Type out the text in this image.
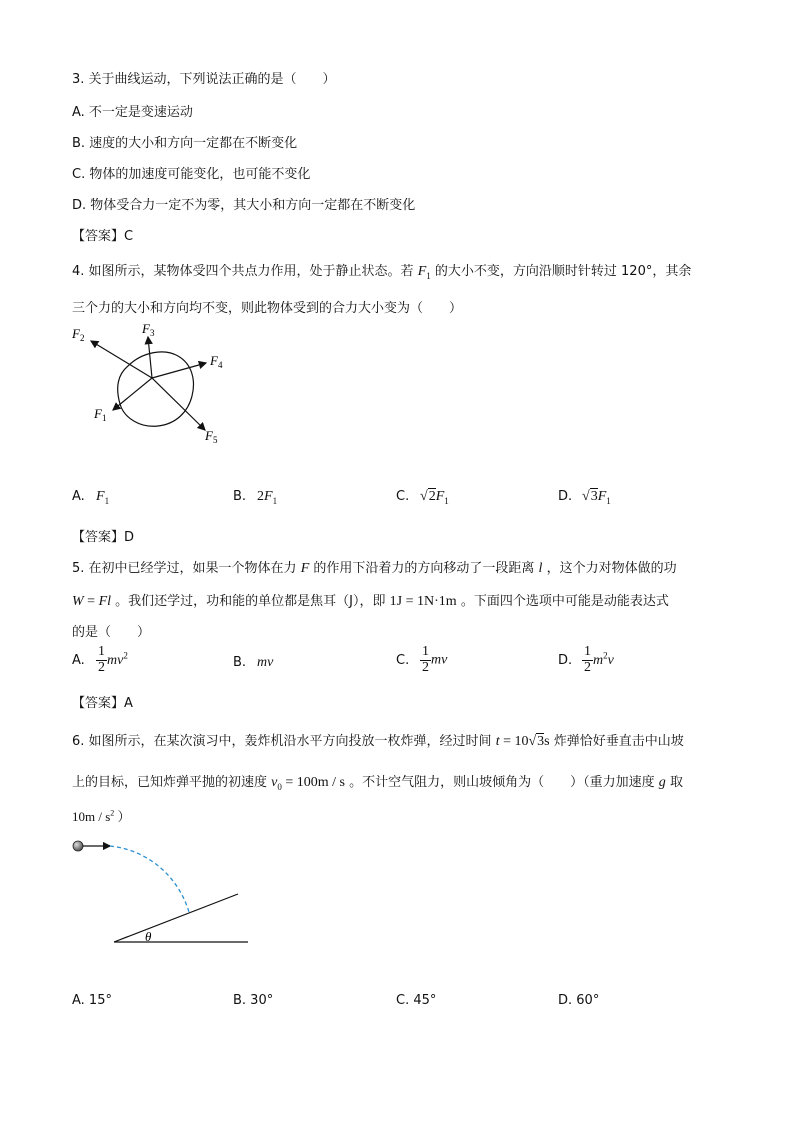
3. 关于曲线运动，下列说法正确的是（　　）
A. 不一定是变速运动
B. 速度的大小和方向一定都在不断变化
C. 物体的加速度可能变化，也可能不变化
D. 物体受合力一定不为零，其大小和方向一定都在不断变化
【答案】C
4. 如图所示，某物体受四个共点力作用，处于静止状态。若 $F_1$ 的大小不变，方向沿顺时针转过 120°，其余
三个力的大小和方向均不变，则此物体受到的合力大小变为（　　）
$F_2$
$F_3$
$F_4$
$F_1$
$F_5$
A. $F_1$	B. $2F_1$	C. $√2F_1$	D. $√3F_1$
【答案】D
5. 在初中已经学过，如果一个物体在力 F 的作用下沿着力的方向移动了一段距离 l ，这个力对物体做的功
W = Fl 。我们还学过，功和能的单位都是焦耳（J），即 1J = 1N·1m 。下面四个选项中可能是动能表达式
的是（　　）
A. $\frac{1}{2} mv^2$	B. mv	C. $\frac{1}{2}$ mv	D. $\frac{1}{2} m^2v$
【答案】A
6. 如图所示，在某次演习中，轰炸机沿水平方向投放一枚炸弹，经过时间 t = 10√3s 炸弹恰好垂直击中山坡
上的目标，已知炸弹平抛的初速度 $v_0 = 100m / s$ 。不计空气阻力，则山坡倾角为（　　）（重力加速度 g 取
$10m / s^2$ ）
θ
A. 15°	B. 30°	C. 45°	D. 60°
